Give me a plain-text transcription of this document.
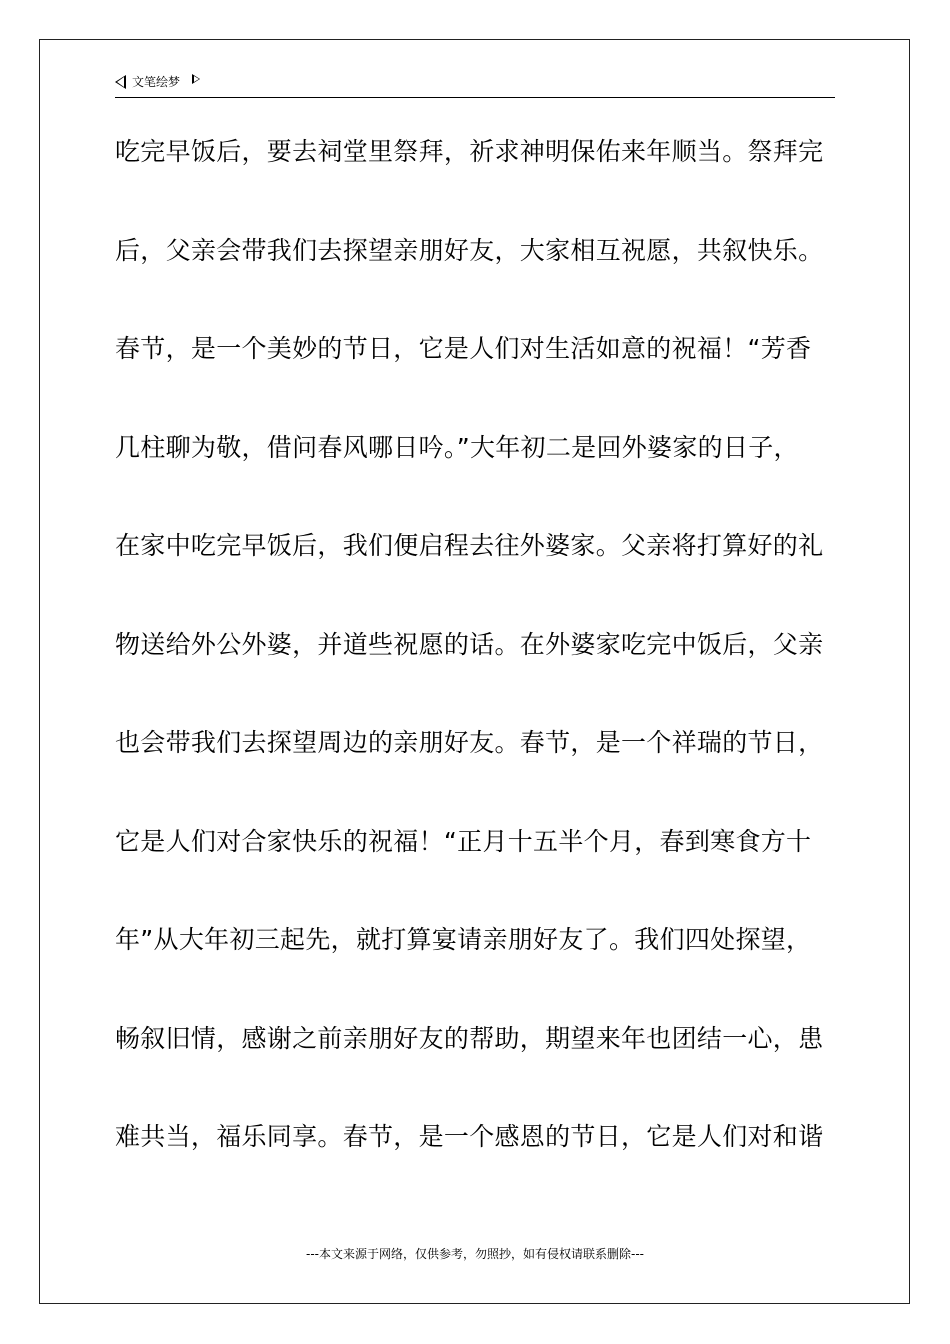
文笔绘梦
吃完早饭后，要去祠堂里祭拜，祈求神明保佑来年顺当。祭拜完
后，父亲会带我们去探望亲朋好友，大家相互祝愿，共叙快乐。
春节，是一个美妙的节日，它是人们对生活如意的祝福！“芳香
几柱聊为敬，借问春风哪日吟。”大年初二是回外婆家的日子，
在家中吃完早饭后，我们便启程去往外婆家。父亲将打算好的礼
物送给外公外婆，并道些祝愿的话。在外婆家吃完中饭后，父亲
也会带我们去探望周边的亲朋好友。春节，是一个祥瑞的节日，
它是人们对合家快乐的祝福！“正月十五半个月，春到寒食方十
年”从大年初三起先，就打算宴请亲朋好友了。我们四处探望，
畅叙旧情，感谢之前亲朋好友的帮助，期望来年也团结一心，患
难共当，福乐同享。春节，是一个感恩的节日，它是人们对和谐
---本文来源于网络，仅供参考，勿照抄，如有侵权请联系删除---
